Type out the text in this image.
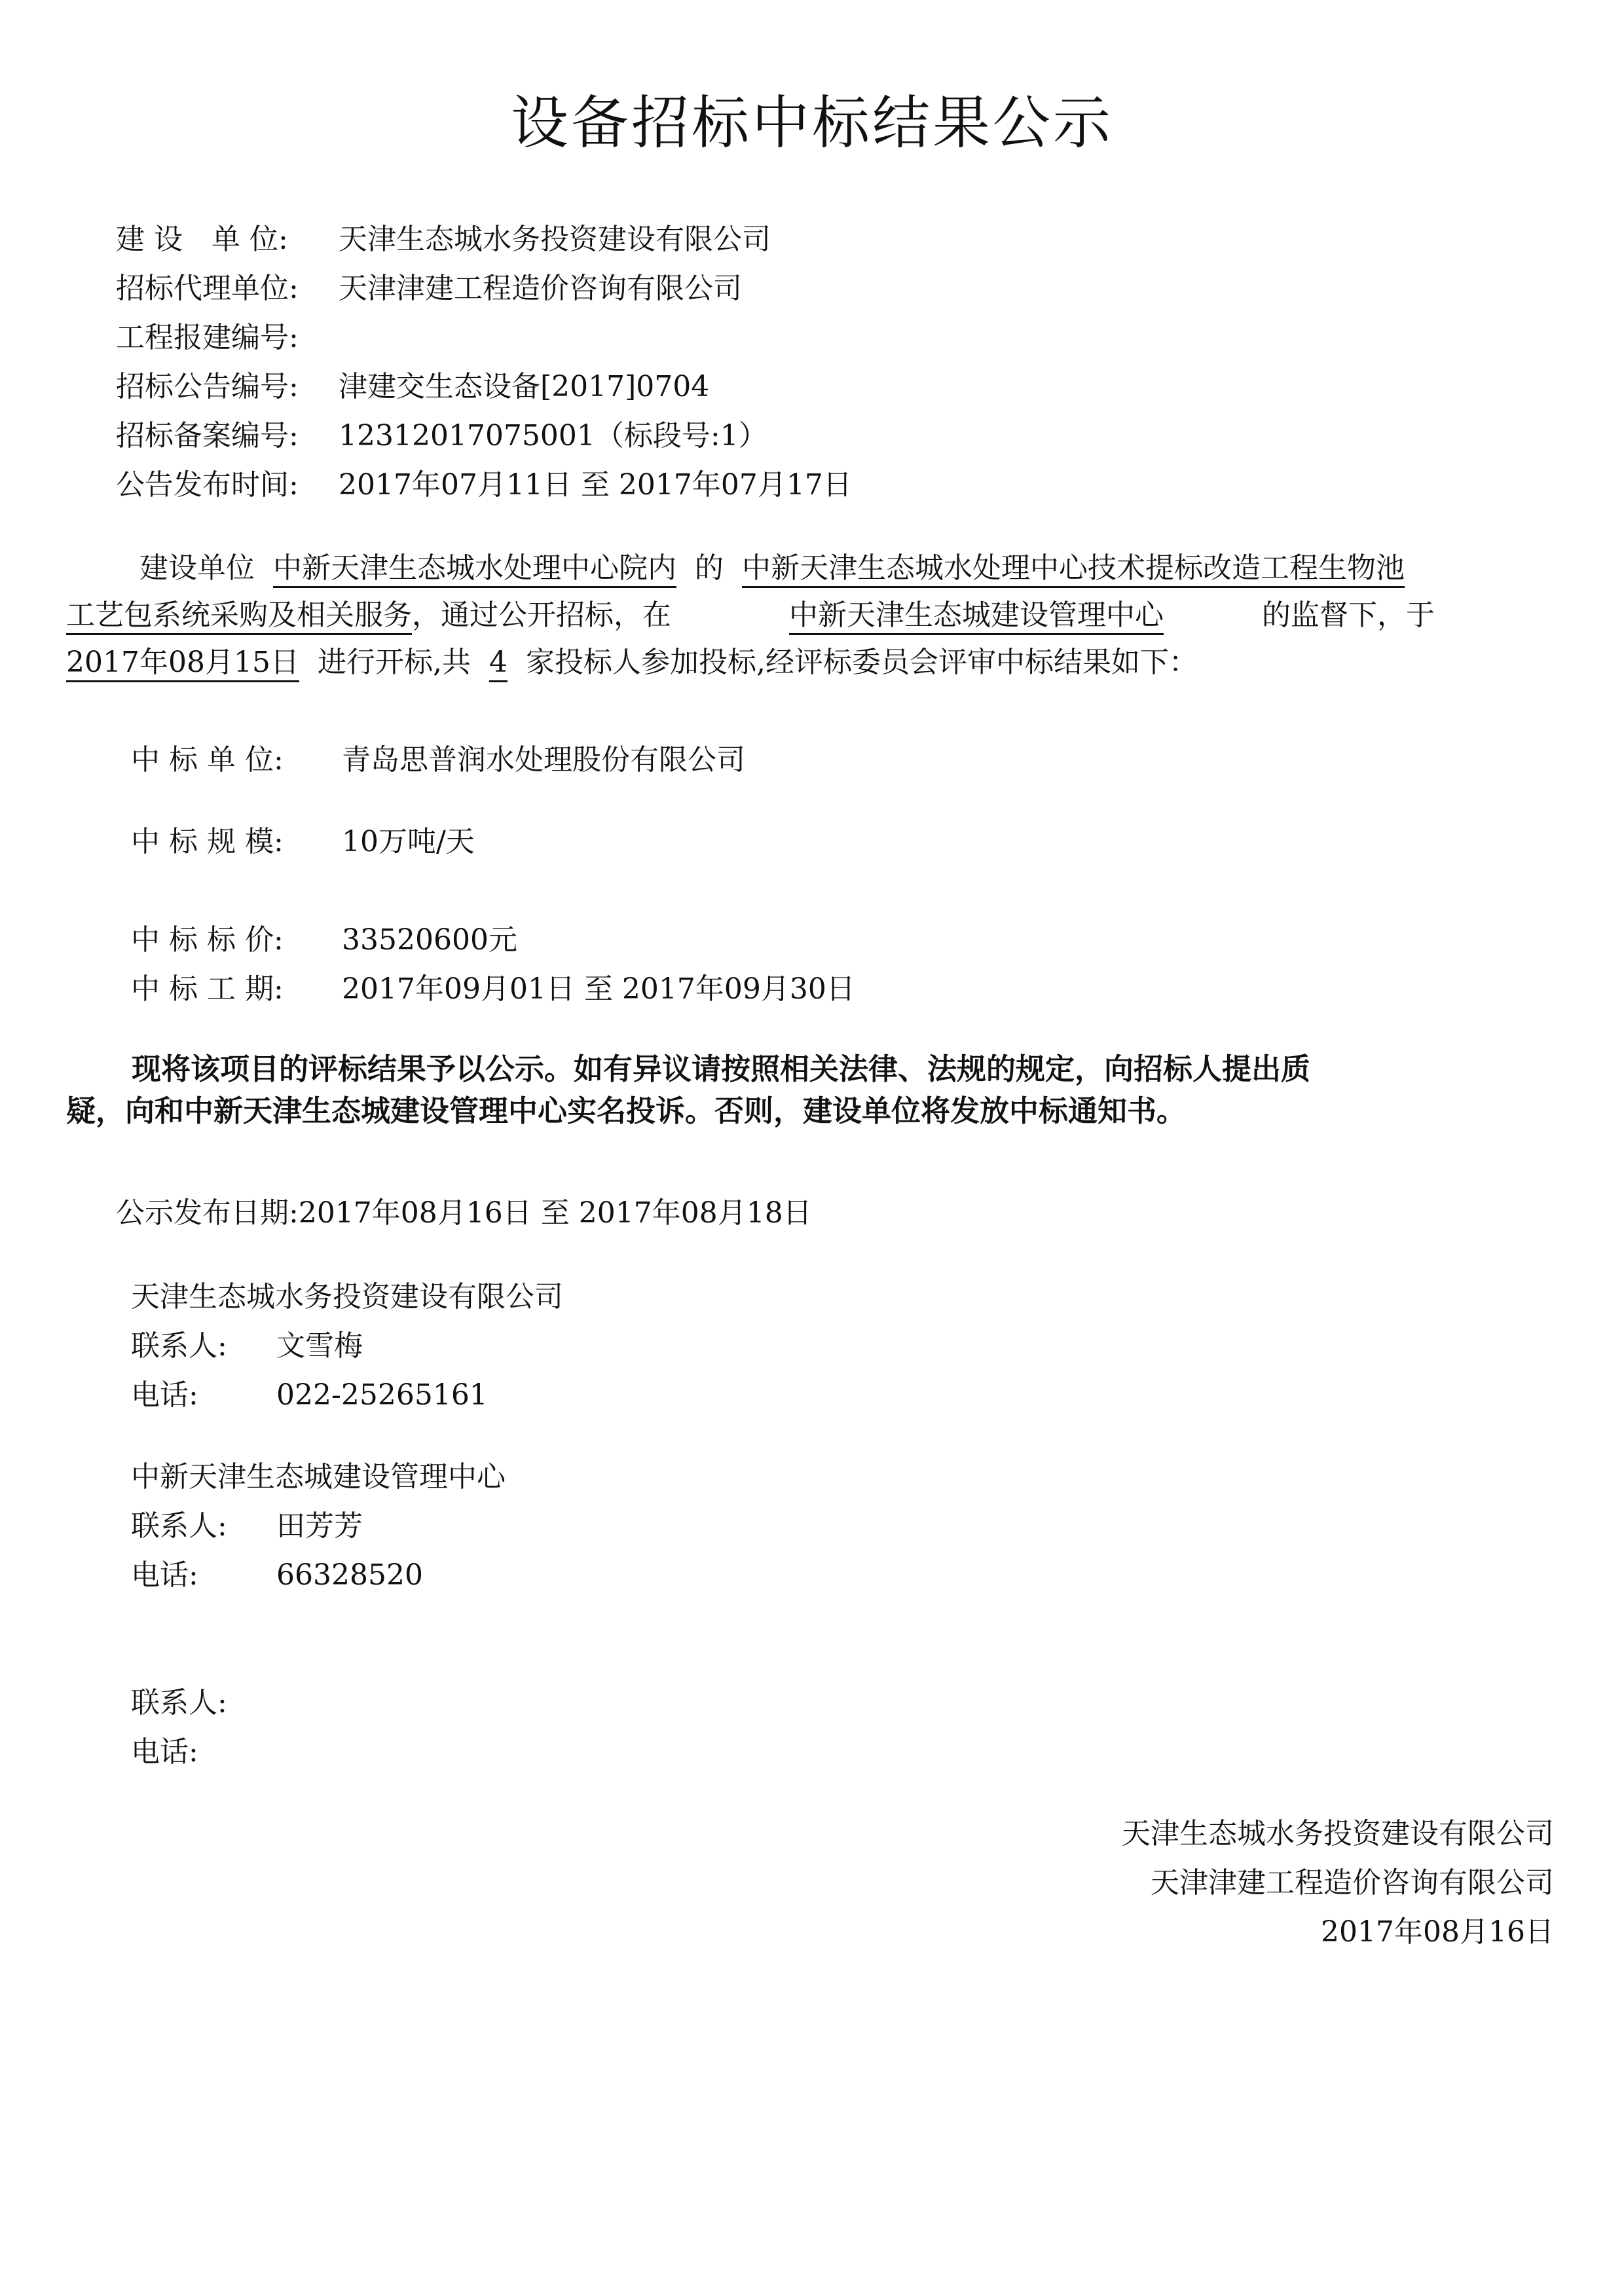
设备招标中标结果公示
建 设　单 位: 天津生态城水务投资建设有限公司
招标代理单位: 天津津建工程造价咨询有限公司
工程报建编号:
招标公告编号: 津建交生态设备[2017]0704
招标备案编号: 12312017075001（标段号:1）
公告发布时间: 2017年07月11日 至 2017年07月17日
建设单位 中新天津生态城水处理中心院内 的 中新天津生态城水处理中心技术提标改造工程生物池
工艺包系统采购及相关服务，通过公开招标，在	中新天津生态城建设管理中心	的监督下，于
2017年08月15日 进行开标,共 4 家投标人参加投标,经评标委员会评审中标结果如下：
中 标 单 位: 青岛思普润水处理股份有限公司
中 标 规 模: 10万吨/天
中 标 标 价: 33520600元
中 标 工 期: 2017年09月01日 至 2017年09月30日
现将该项目的评标结果予以公示。如有异议请按照相关法律、法规的规定，向招标人提出质
疑，向和中新天津生态城建设管理中心实名投诉。否则，建设单位将发放中标通知书。
公示发布日期:2017年08月16日 至 2017年08月18日
天津生态城水务投资建设有限公司
联系人: 文雪梅
电话:	022-25265161
中新天津生态城建设管理中心
联系人: 田芳芳
电话:	66328520
联系人:
电话:
天津生态城水务投资建设有限公司
天津津建工程造价咨询有限公司
2017年08月16日
